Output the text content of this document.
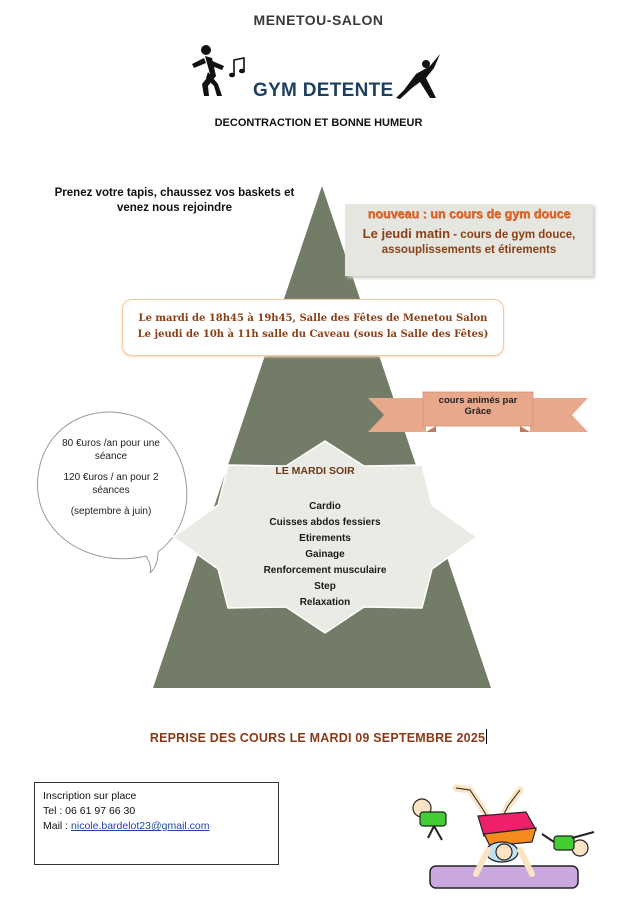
MENETOU-SALON
GYM DETENTE
DECONTRACTION ET BONNE HUMEUR
Prenez votre tapis, chaussez vos baskets et venez nous rejoindre	nouveau : un cours de gym douce
Le jeudi matin - cours de gym douce, assouplissements et étirements
Le mardi de 18h45 à 19h45, Salle des Fêtes de Menetou Salon
Le jeudi de 10h à 11h salle du Caveau (sous la Salle des Fêtes)
cours animés par
Grâce
80 €uros /an pour une séance
120 €uros / an pour 2 séances
(septembre à juin)
LE MARDI SOIR
Cardio
Cuisses abdos fessiers
Etirements
Gainage
Renforcement musculaire
Step
Relaxation
REPRISE DES COURS LE MARDI 09 SEPTEMBRE 2025
Inscription sur place
Tel : 06 61 97 66 30
Mail : nicole.bardelot23@gmail.com
